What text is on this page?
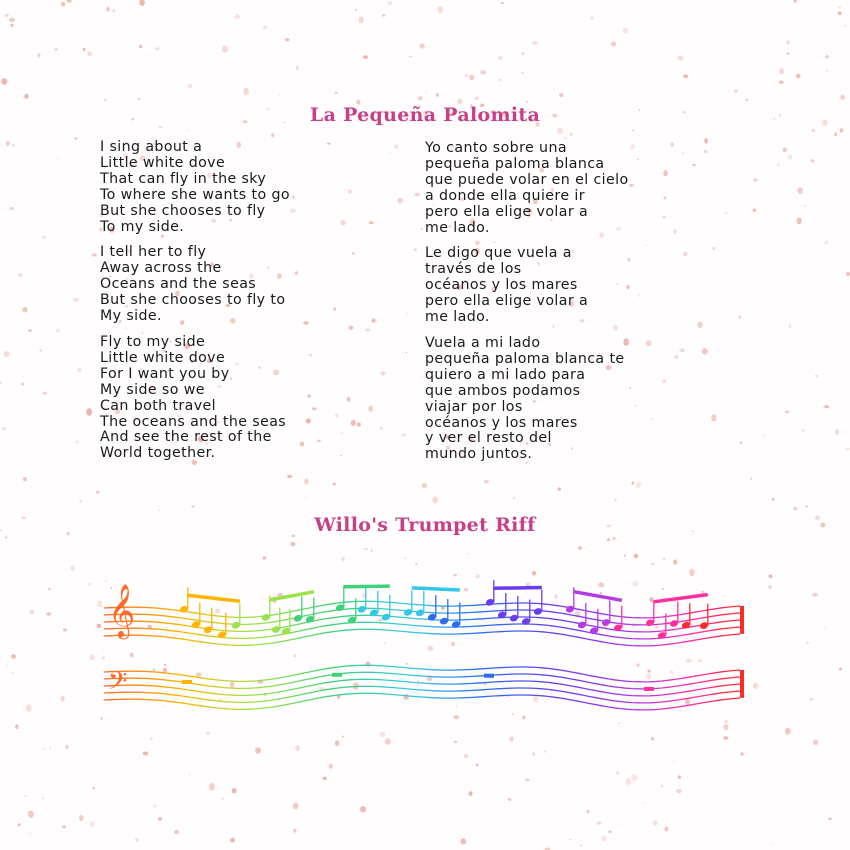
La Pequeña Palomita
I sing about a
Little white dove
That can fly in the sky
To where she wants to go
But she chooses to fly
To my side.
I tell her to fly
Away across the
Oceans and the seas
But she chooses to fly to
My side.
Fly to my side
Little white dove
For I want you by
My side so we
Can both travel
The oceans and the seas
And see the rest of the
World together.
Yo canto sobre una
pequeña paloma blanca
que puede volar en el cielo
a donde ella quiere ir
pero ella elige volar a
me lado.
Le digo que vuela a
través de los
océanos y los mares
pero ella elige volar a
me lado.
Vuela a mi lado
pequeña paloma blanca te
quiero a mi lado para
que ambos podamos
viajar por los
océanos y los mares
y ver el resto del
mundo juntos.
Willo's Trumpet Riff
𝄞
𝄢
